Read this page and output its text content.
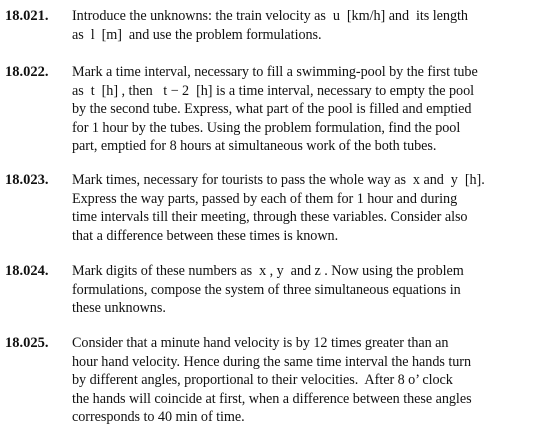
18.021. Introduce the unknowns: the train velocity as  u  [km/h] and  its length
as  l  [m]  and use the problem formulations.
18.022. Mark a time interval, necessary to fill a swimming-pool by the first tube
as  t  [h] , then   t − 2  [h] is a time interval, necessary to empty the pool
by the second tube. Express, what part of the pool is filled and emptied
for 1 hour by the tubes. Using the problem formulation, find the pool
part, emptied for 8 hours at simultaneous work of the both tubes.
18.023. Mark times, necessary for tourists to pass the whole way as  x and  y  [h].
Express the way parts, passed by each of them for 1 hour and during
time intervals till their meeting, through these variables. Consider also
that a difference between these times is known.
18.024. Mark digits of these numbers as  x , y  and z . Now using the problem
formulations, compose the system of three simultaneous equations in
these unknowns.
18.025. Consider that a minute hand velocity is by 12 times greater than an
hour hand velocity. Hence during the same time interval the hands turn
by different angles, proportional to their velocities.  After 8 o’ clock
the hands will coincide at first, when a difference between these angles
corresponds to 40 min of time.
